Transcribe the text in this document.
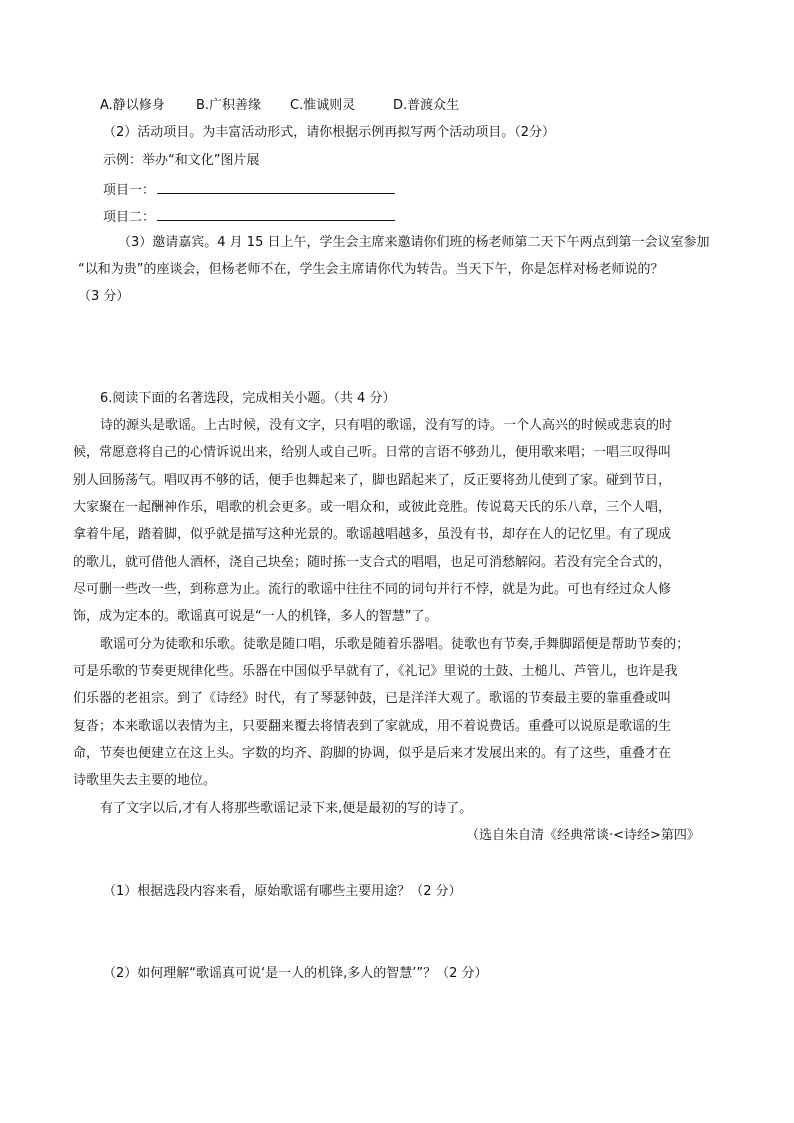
A.静以修身 B.广积善缘 C.惟诚则灵	D.普渡众生
（2）活动项目。为丰富活动形式，请你根据示例再拟写两个活动项目。（2分）
示例：举办“和文化”图片展
项目一：
项目二：
（3）邀请嘉宾。4 月 15 日上午，学生会主席来邀请你们班的杨老师第二天下午两点到第一会议室参加
“以和为贵”的座谈会，但杨老师不在，学生会主席请你代为转告。当天下午，你是怎样对杨老师说的？
（3 分）
6.阅读下面的名著选段，完成相关小题。（共 4 分）
诗的源头是歌谣。上古时候，没有文字，只有唱的歌谣，没有写的诗。一个人高兴的时候或悲哀的时
候，常愿意将自己的心情诉说出来，给别人或自己听。日常的言语不够劲儿，便用歌来唱；一唱三叹得叫
别人回肠荡气。唱叹再不够的话，便手也舞起来了，脚也蹈起来了，反正要将劲儿使到了家。碰到节日，
大家聚在一起酬神作乐，唱歌的机会更多。或一唱众和，或彼此竞胜。传说葛天氏的乐八章，三个人唱，
拿着牛尾，踏着脚，似乎就是描写这种光景的。歌谣越唱越多，虽没有书，却存在人的记忆里。有了现成
的歌儿，就可借他人酒杯，浇自己块垒；随时拣一支合式的唱唱，也足可消愁解闷。若没有完全合式的，
尽可删一些改一些，到称意为止。流行的歌谣中往往不同的词句并行不悖，就是为此。可也有经过众人修
饰，成为定本的。歌谣真可说是“一人的机锋，多人的智慧”了。
歌谣可分为徒歌和乐歌。徒歌是随口唱，乐歌是随着乐器唱。徒歌也有节奏,手舞脚蹈便是帮助节奏的；
可是乐歌的节奏更规律化些。乐器在中国似乎早就有了，《礼记》里说的土鼓、土槌儿、芦管儿，也许是我
们乐器的老祖宗。到了《诗经》时代，有了琴瑟钟鼓，已是洋洋大观了。歌谣的节奏最主要的靠重叠或叫
复沓；本来歌谣以表情为主，只要翻来覆去将情表到了家就成，用不着说费话。重叠可以说原是歌谣的生
命，节奏也便建立在这上头。字数的均齐、韵脚的协调，似乎是后来才发展出来的。有了这些，重叠才在
诗歌里失去主要的地位。
有了文字以后,才有人将那些歌谣记录下来,便是最初的写的诗了。
（选自朱自清《经典常谈·<诗经>第四》
（1）根据选段内容来看，原始歌谣有哪些主要用途？（2 分）
（2）如何理解“歌谣真可说‘是一人的机锋,多人的智慧’”？（2 分）
